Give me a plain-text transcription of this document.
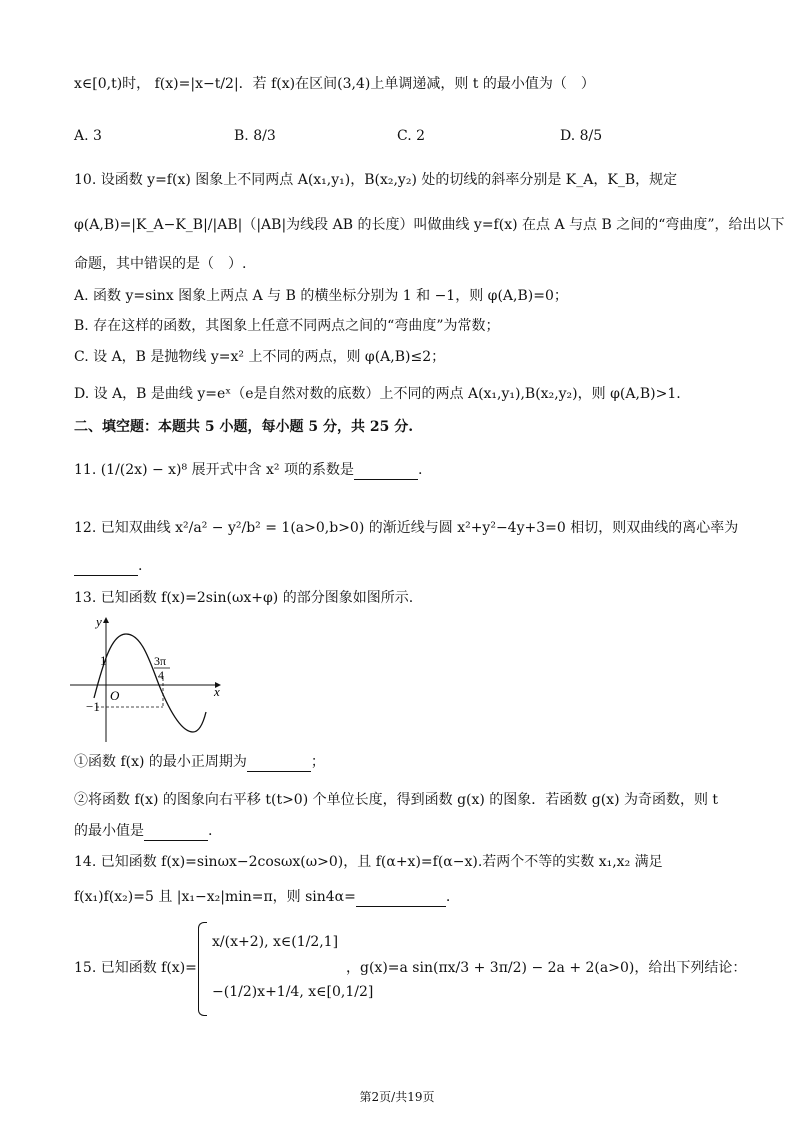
x∈[0,t)时， f(x)=|x−t/2|．若 f(x)在区间(3,4)上单调递减，则 t 的最小值为（　）
A. 3	B. 8/3	C. 2	D. 8/5
10. 设函数 y=f(x) 图象上不同两点 A(x₁,y₁)，B(x₂,y₂) 处的切线的斜率分别是 K_A，K_B，规定
φ(A,B)=|K_A−K_B|/|AB|（|AB|为线段 AB 的长度）叫做曲线 y=f(x) 在点 A 与点 B 之间的“弯曲度”，给出以下
命题，其中错误的是（　）.
A. 函数 y=sinx 图象上两点 A 与 B 的横坐标分别为 1 和 −1，则 φ(A,B)=0；
B. 存在这样的函数，其图象上任意不同两点之间的“弯曲度”为常数；
C. 设 A，B 是抛物线 y=x² 上不同的两点，则 φ(A,B)≤2；
D. 设 A，B 是曲线 y=eˣ（e是自然对数的底数）上不同的两点 A(x₁,y₁),B(x₂,y₂)，则 φ(A,B)>1.
二、填空题：本题共 5 小题，每小题 5 分，共 25 分.
11. (1/(2x) − x)⁸ 展开式中含 x² 项的系数是	.
12. 已知双曲线 x²/a² − y²/b² = 1(a>0,b>0) 的渐近线与圆 x²+y²−4y+3=0 相切，则双曲线的离心率为
.
13. 已知函数 f(x)=2sin(ωx+φ) 的部分图象如图所示.
y
x
O
1
−1
3π
4
①函数 f(x) 的最小正周期为	；
②将函数 f(x) 的图象向右平移 t(t>0) 个单位长度，得到函数 g(x) 的图象．若函数 g(x) 为奇函数，则 t
的最小值是	.
14. 已知函数 f(x)=sinωx−2cosωx(ω>0)，且 f(α+x)=f(α−x).若两个不等的实数 x₁,x₂ 满足
f(x₁)f(x₂)=5 且 |x₁−x₂|min=π，则 sin4α=	.
15. 已知函数 f(x)=
x/(x+2), x∈(1/2,1]
−(1/2)x+1/4, x∈[0,1/2]
，g(x)=a sin(πx/3 + 3π/2) − 2a + 2(a>0)，给出下列结论：
第2页/共19页
